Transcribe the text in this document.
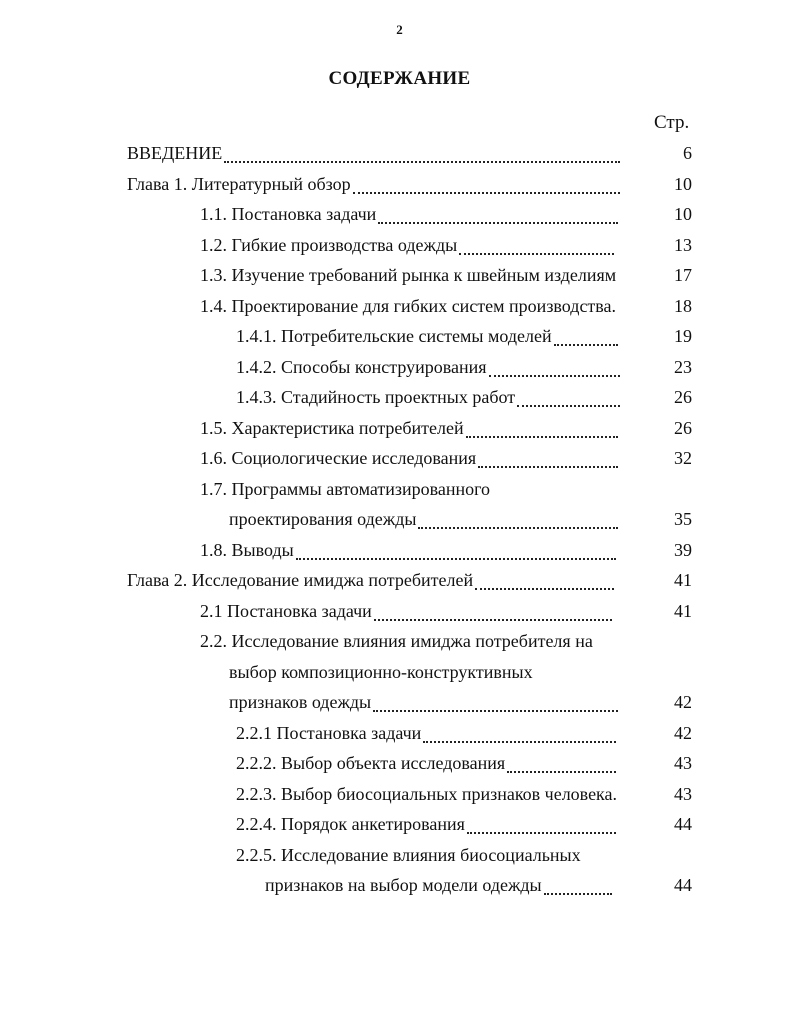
2
СОДЕРЖАНИЕ
Стр.
ВВЕДЕНИЕ	6
Глава 1. Литературный обзор	10
1.1. Постановка задачи	10
1.2. Гибкие производства одежды	13
1.3. Изучение требований рынка к швейным изделиям	17
1.4. Проектирование для гибких систем производства.	18
1.4.1. Потребительские системы моделей	19
1.4.2. Способы конструирования	23
1.4.3. Стадийность проектных работ	26
1.5. Характеристика потребителей	26
1.6. Социологические исследования	32
1.7. Программы автоматизированного
проектирования одежды	35
1.8. Выводы	39
Глава 2. Исследование имиджа потребителей	41
2.1 Постановка задачи	41
2.2. Исследование влияния имиджа потребителя на
выбор композиционно-конструктивных
признаков одежды	42
2.2.1 Постановка задачи	42
2.2.2. Выбор объекта исследования	43
2.2.3. Выбор биосоциальных признаков человека.	43
2.2.4. Порядок анкетирования	44
2.2.5. Исследование влияния биосоциальных
признаков на выбор модели одежды	44
